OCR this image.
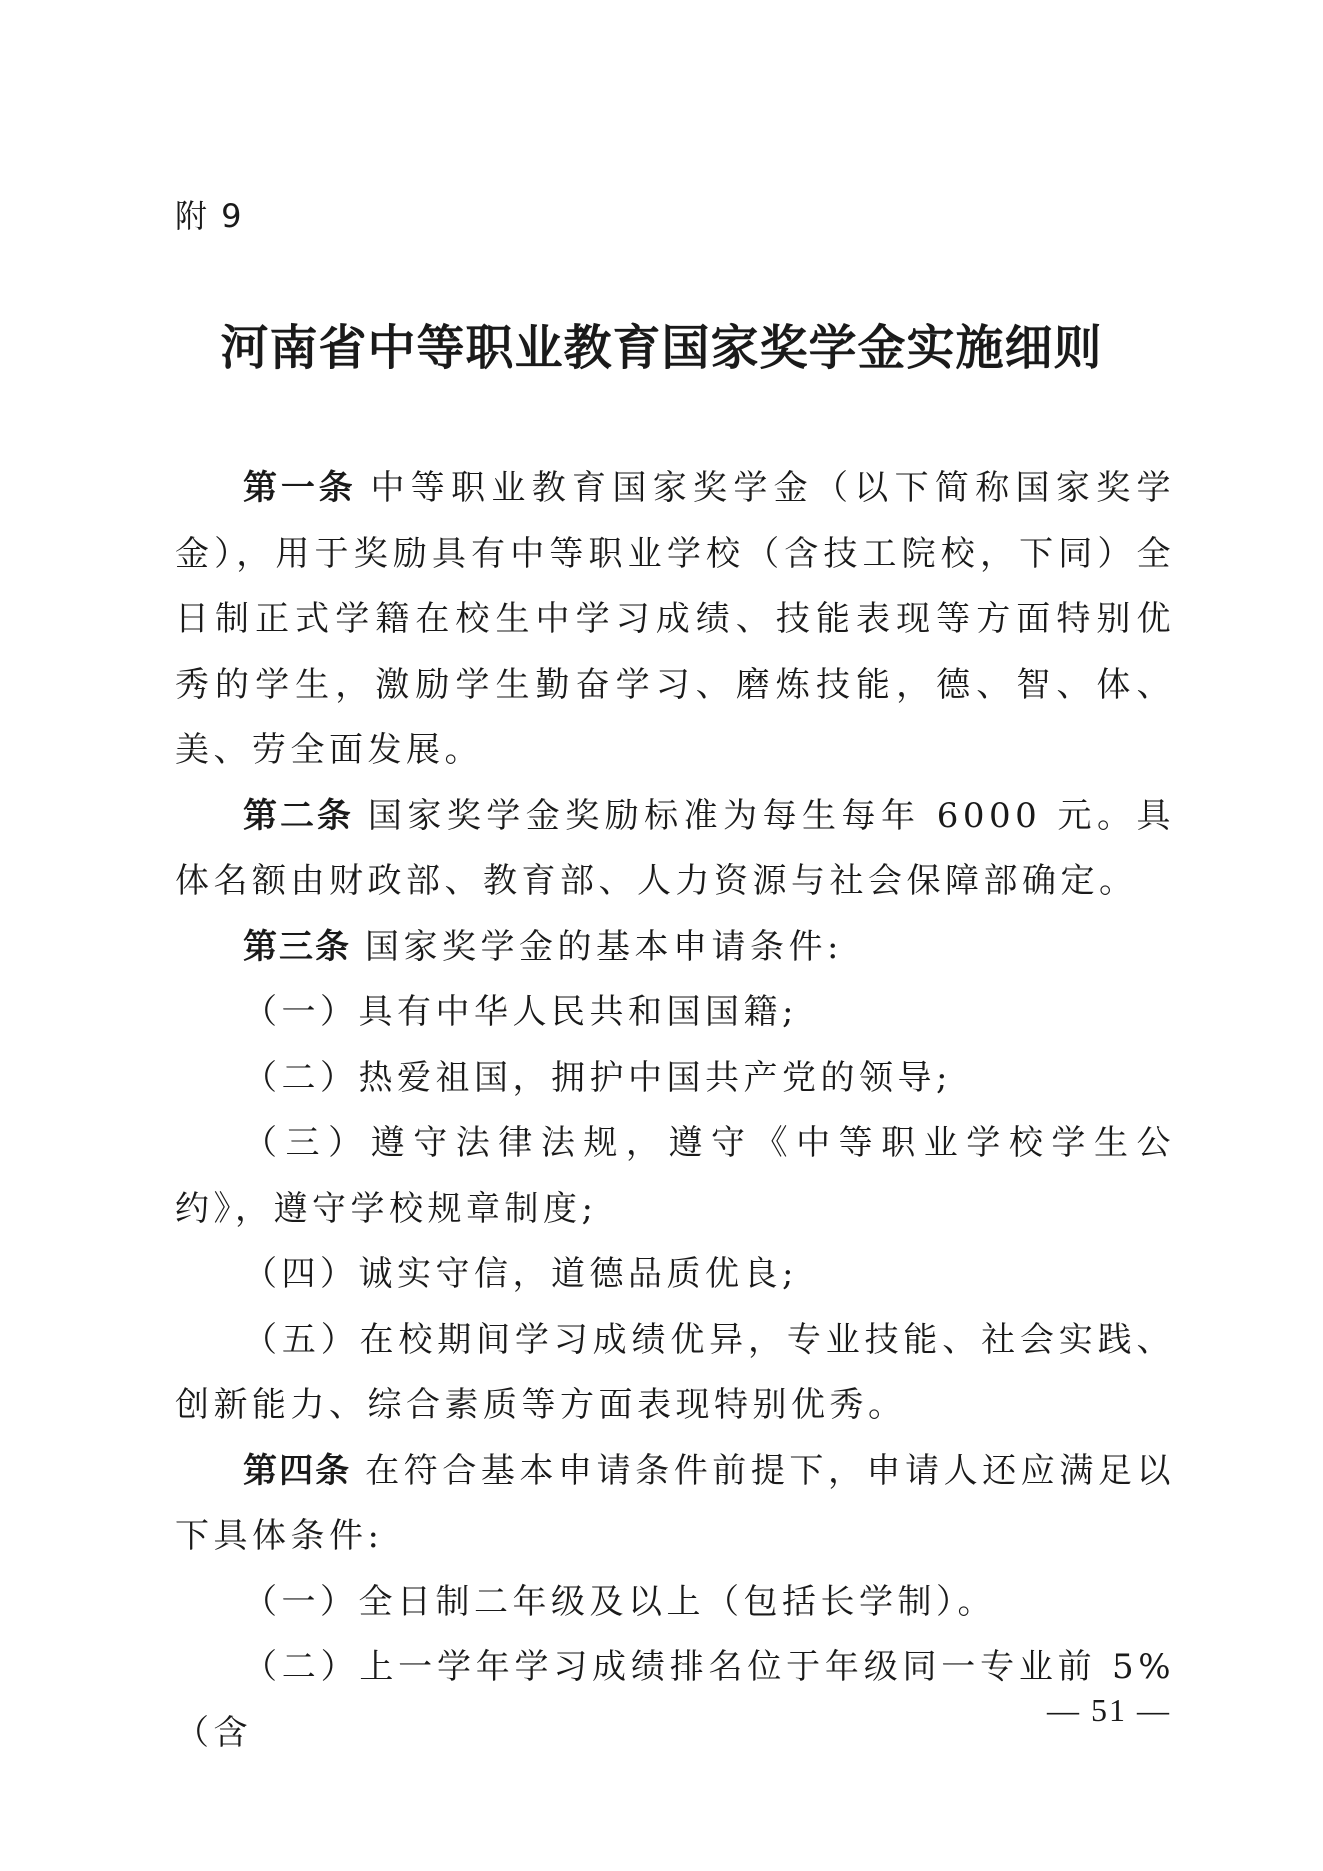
附 9
河南省中等职业教育国家奖学金实施细则

第一条 中等职业教育国家奖学金（以下简称国家奖学金），用于奖励具有中等职业学校（含技工院校，下同）全日制正式学籍在校生中学习成绩、技能表现等方面特别优秀的学生，激励学生勤奋学习、磨炼技能，德、智、体、美、劳全面发展。

第二条 国家奖学金奖励标准为每生每年 6000 元。具体名额由财政部、教育部、人力资源与社会保障部确定。

第三条 国家奖学金的基本申请条件:

（一）具有中华人民共和国国籍;

（二）热爱祖国，拥护中国共产党的领导;

（三）遵守法律法规，遵守《中等职业学校学生公约》，遵守学校规章制度;

（四）诚实守信，道德品质优良;

（五）在校期间学习成绩优异，专业技能、社会实践、创新能力、综合素质等方面表现特别优秀。

第四条 在符合基本申请条件前提下，申请人还应满足以下具体条件:

（一）全日制二年级及以上（包括长学制）。

（二）上一学年学习成绩排名位于年级同一专业前 5%（含

— 51 —
